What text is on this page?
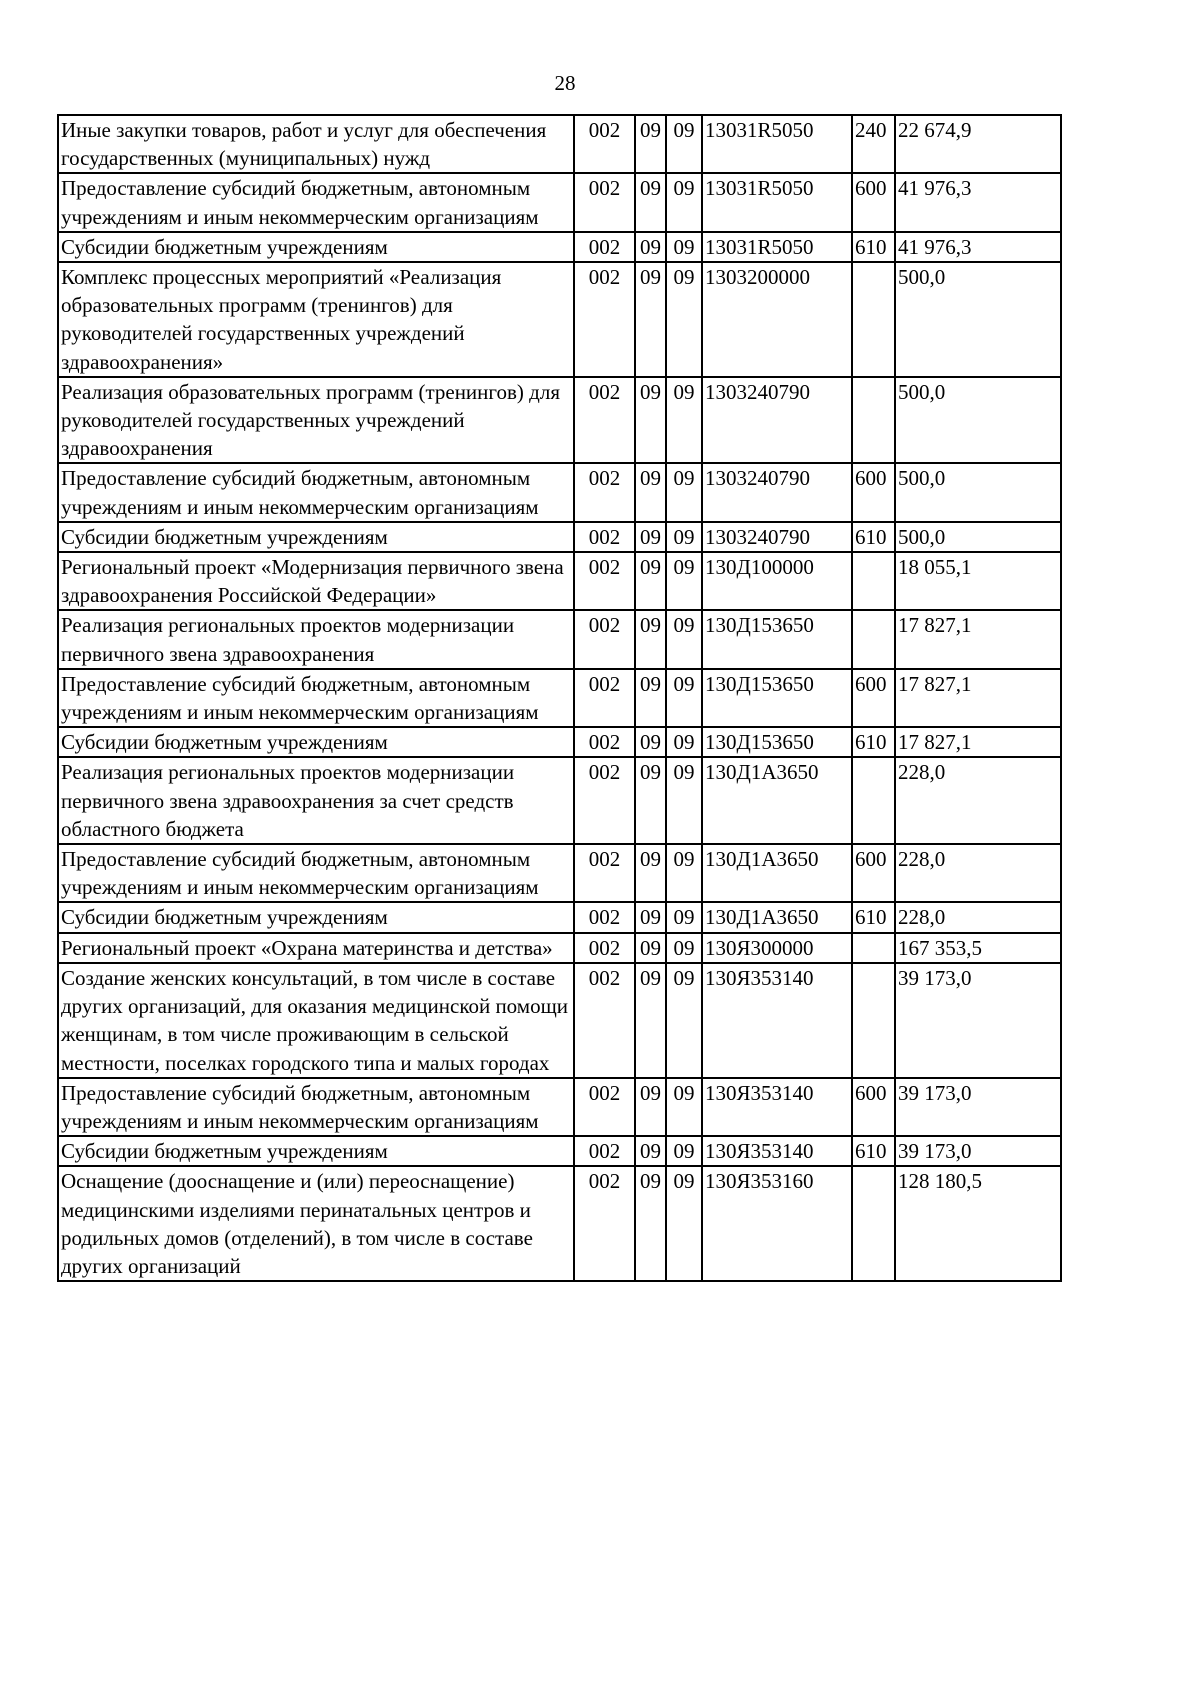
28
Иные закупки товаров, работ и услуг для обеспечения государственных (муниципальных) нужд	002	09	09	13031R5050	240	22 674,9
Предоставление субсидий бюджетным, автономным учреждениям и иным некоммерческим организациям	002	09	09	13031R5050	600	41 976,3
Субсидии бюджетным учреждениям	002	09	09	13031R5050	610	41 976,3
Комплекс процессных мероприятий «Реализация образовательных программ (тренингов) для руководителей государственных учреждений здравоохранения»	002	09	09	1303200000		500,0
Реализация образовательных программ (тренингов) для руководителей государственных учреждений здравоохранения	002	09	09	1303240790		500,0
Предоставление субсидий бюджетным, автономным учреждениям и иным некоммерческим организациям	002	09	09	1303240790	600	500,0
Субсидии бюджетным учреждениям	002	09	09	1303240790	610	500,0
Региональный проект «Модернизация первичного звена здравоохранения Российской Федерации»	002	09	09	130Д100000		18 055,1
Реализация региональных проектов модернизации первичного звена здравоохранения	002	09	09	130Д153650		17 827,1
Предоставление субсидий бюджетным, автономным учреждениям и иным некоммерческим организациям	002	09	09	130Д153650	600	17 827,1
Субсидии бюджетным учреждениям	002	09	09	130Д153650	610	17 827,1
Реализация региональных проектов модернизации первичного звена здравоохранения за счет средств областного бюджета	002	09	09	130Д1А3650		228,0
Предоставление субсидий бюджетным, автономным учреждениям и иным некоммерческим организациям	002	09	09	130Д1А3650	600	228,0
Субсидии бюджетным учреждениям	002	09	09	130Д1А3650	610	228,0
Региональный проект «Охрана материнства и детства»	002	09	09	130Я300000		167 353,5
Создание женских консультаций, в том числе в составе других организаций, для оказания медицинской помощи женщинам, в том числе проживающим в сельской местности, поселках городского типа и малых городах	002	09	09	130Я353140		39 173,0
Предоставление субсидий бюджетным, автономным учреждениям и иным некоммерческим организациям	002	09	09	130Я353140	600	39 173,0
Субсидии бюджетным учреждениям	002	09	09	130Я353140	610	39 173,0
Оснащение (дооснащение и (или) переоснащение) медицинскими изделиями перинатальных центров и родильных домов (отделений), в том числе в составе других организаций	002	09	09	130Я353160		128 180,5
